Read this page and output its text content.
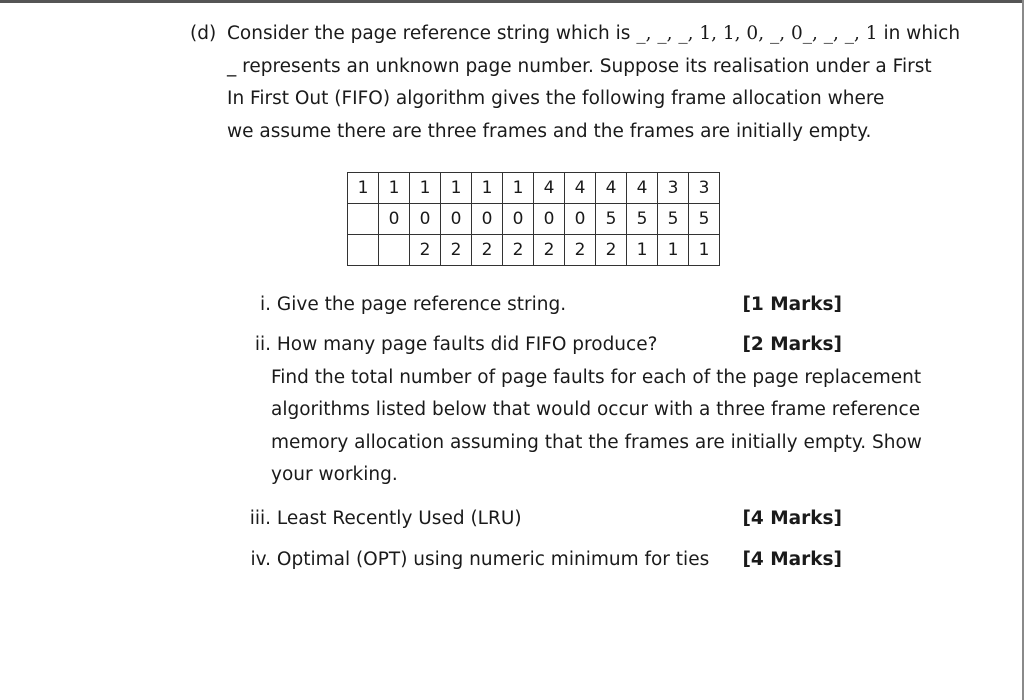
(d) Consider the page reference string which is _, _, _, 1, 1, 0, _, 0_, _, _, 1 in which
_ represents an unknown page number. Suppose its realisation under a First
In First Out (FIFO) algorithm gives the following frame allocation where
we assume there are three frames and the frames are initially empty.
1	1	1	1	1	1	4	4	4	4	3	3
	0	0	0	0	0	0	0	5	5	5	5
		2	2	2	2	2	2	2	1	1	1
i. Give the page reference string.	[1 Marks]
ii. How many page faults did FIFO produce?	[2 Marks]
Find the total number of page faults for each of the page replacement
algorithms listed below that would occur with a three frame reference
memory allocation assuming that the frames are initially empty. Show
your working.
iii. Least Recently Used (LRU)	[4 Marks]
iv. Optimal (OPT) using numeric minimum for ties [4 Marks]
